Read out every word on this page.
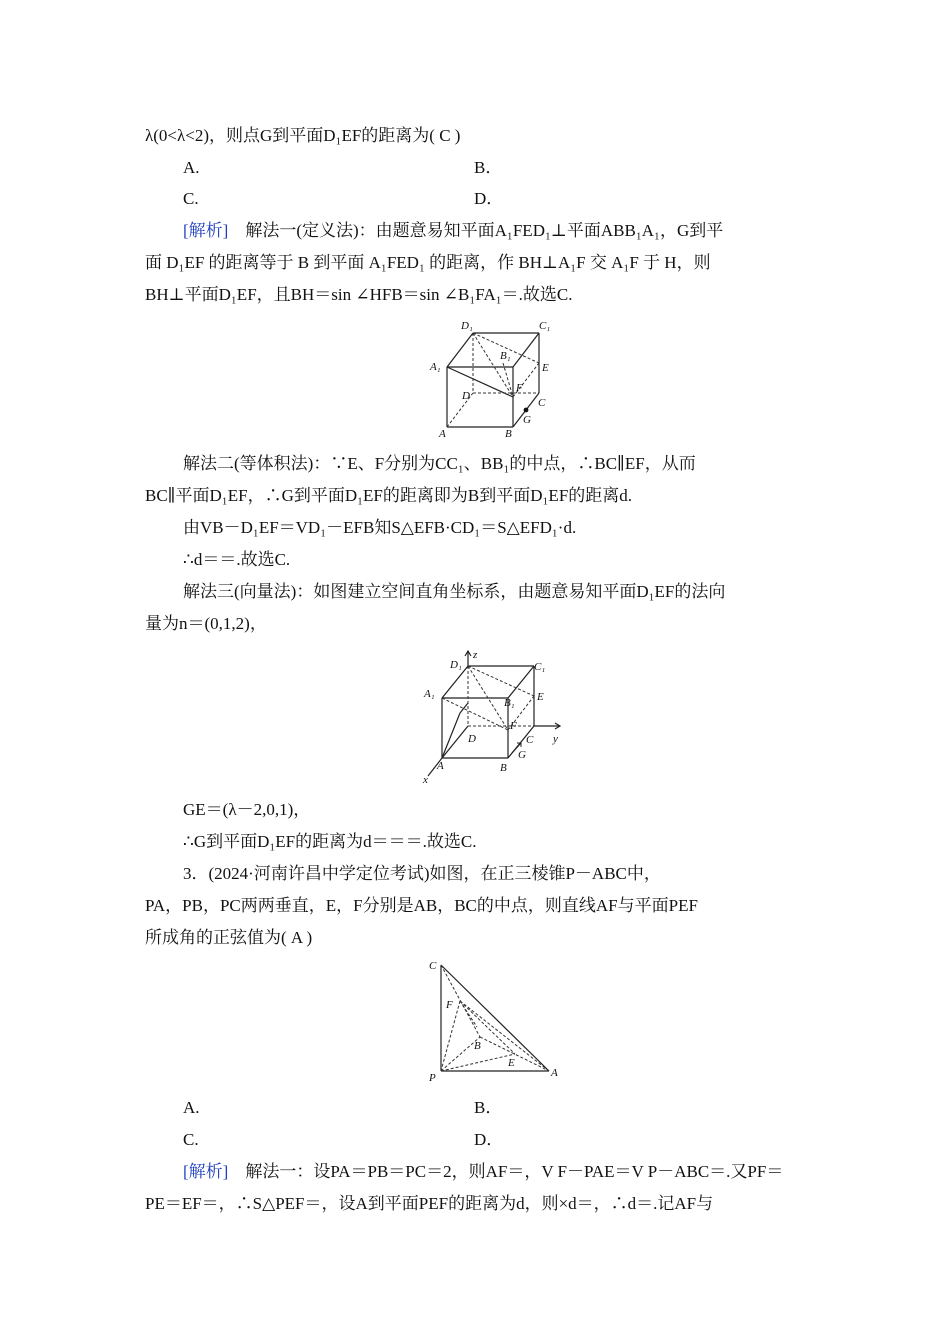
λ(0<λ<2)，则点G到平面D₁EF的距离为( C )
A.	B．
C.	D．
[解析]　解法一(定义法)：由题意易知平面A₁FED₁⊥平面ABB₁A₁，G到平
面 D₁EF 的距离等于 B 到平面 A₁FED₁ 的距离，作 BH⊥A₁F 交 A₁F 于 H，则
BH⊥平面D₁EF，且BH＝sin ∠HFB＝sin ∠B₁FA₁＝.故选C.
D₁	C₁
B₁
A₁	E
F
D
C
A	B
G
解法二(等体积法)：∵E、F分别为CC₁、BB₁的中点，∴BC∥EF，从而
BC∥平面D₁EF，∴G到平面D₁EF的距离即为B到平面D₁EF的距离d.
由VB－D₁EF＝VD₁－EFB知S△EFB·CD₁＝S△EFD₁·d.
∴d＝＝.故选C.
解法三(向量法)：如图建立空间直角坐标系，由题意易知平面D₁EF的法向
量为n＝(0,1,2)，
z
D₁	C₁
A₁
B₁ E
F
D	C y
A	B
G
x
GE＝(λ－2,0,1)，
∴G到平面D₁EF的距离为d＝＝＝.故选C.
3．(2024·河南许昌中学定位考试)如图，在正三棱锥P－ABC中，
PA，PB，PC两两垂直，E，F分别是AB，BC的中点，则直线AF与平面PEF
所成角的正弦值为( A )
C
F
B
E
P	A
A.	B．
C.	D．
[解析]　解法一：设PA＝PB＝PC＝2，则AF＝，V F－PAE＝V P－ABC＝.又PF＝
PE＝EF＝，∴S△PEF＝，设A到平面PEF的距离为d，则×d＝，∴d＝.记AF与
